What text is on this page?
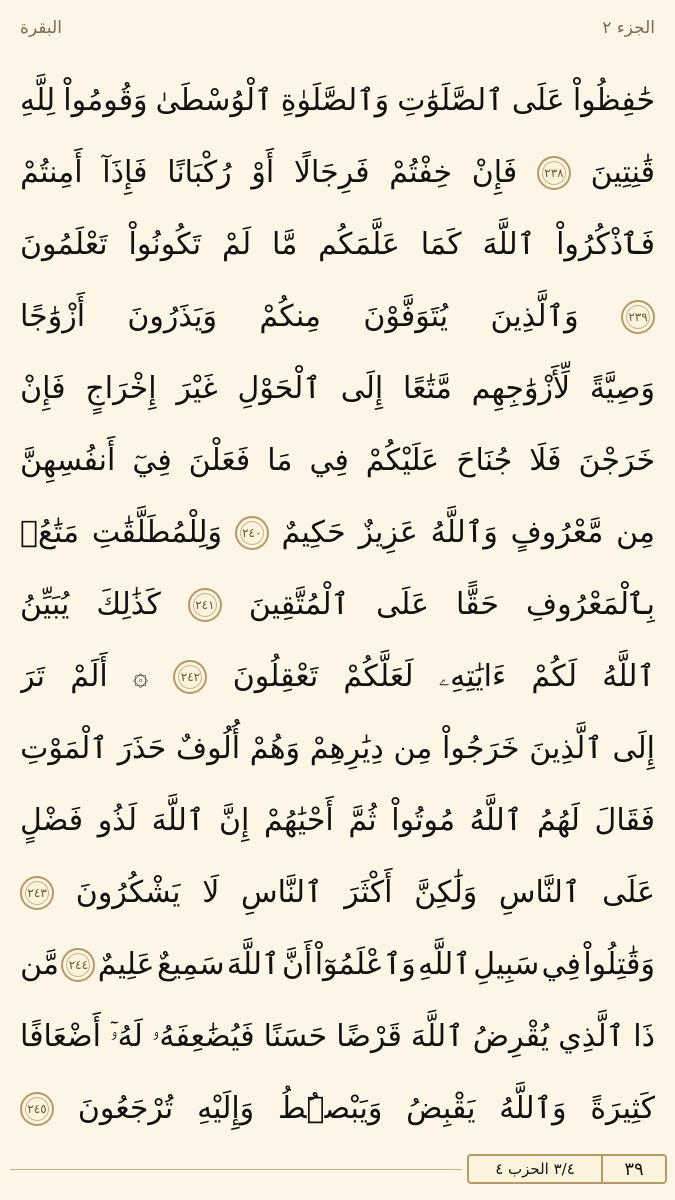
الجزء ٢
البقرة
حَٰفِظُواْ
عَلَى
ٱلصَّلَوَٰتِ
وَٱلصَّلَوٰةِ
ٱلْوُسْطَىٰ
وَقُومُواْ
لِلَّهِ
قَٰنِتِينَ
٢٣٨
فَإِنْ
خِفْتُمْ
فَرِجَالًا
أَوْ
رُكْبَانًا
فَإِذَآ
أَمِنتُمْ
فَٱذْكُرُواْ
ٱللَّهَ
كَمَا
عَلَّمَكُم
مَّا
لَمْ
تَكُونُواْ
تَعْلَمُونَ
٢٣٩
وَٱلَّذِينَ
يُتَوَفَّوْنَ
مِنكُمْ
وَيَذَرُونَ
أَزْوَٰجًا
وَصِيَّةً
لِّأَزْوَٰجِهِم
مَّتَٰعًا
إِلَى
ٱلْحَوْلِ
غَيْرَ
إِخْرَاجٍ
فَإِنْ
خَرَجْنَ
فَلَا
جُنَاحَ
عَلَيْكُمْ
فِي
مَا
فَعَلْنَ
فِيٓ
أَنفُسِهِنَّ
مِن
مَّعْرُوفٍ
وَٱللَّهُ
عَزِيزٌ
حَكِيمٌ
٢٤٠
وَلِلْمُطَلَّقَٰتِ
مَتَٰعُۢ
بِٱلْمَعْرُوفِ
حَقًّا
عَلَى
ٱلْمُتَّقِينَ
٢٤١
كَذَٰلِكَ
يُبَيِّنُ
ٱللَّهُ
لَكُمْ
ءَايَٰتِهِۦ
لَعَلَّكُمْ
تَعْقِلُونَ
٢٤٢
۞
أَلَمْ
تَرَ
إِلَى
ٱلَّذِينَ
خَرَجُواْ
مِن
دِيَٰرِهِمْ
وَهُمْ
أُلُوفٌ
حَذَرَ
ٱلْمَوْتِ
فَقَالَ
لَهُمُ
ٱللَّهُ
مُوتُواْ
ثُمَّ
أَحْيَٰهُمْ
إِنَّ
ٱللَّهَ
لَذُو
فَضْلٍ
عَلَى
ٱلنَّاسِ
وَلَٰكِنَّ
أَكْثَرَ
ٱلنَّاسِ
لَا
يَشْكُرُونَ
٢٤٣
وَقَٰتِلُواْ
فِي
سَبِيلِ
ٱللَّهِ
وَٱعْلَمُوٓاْ
أَنَّ
ٱللَّهَ
سَمِيعٌ
عَلِيمٌ
٢٤٤
مَّن
ذَا
ٱلَّذِي
يُقْرِضُ
ٱللَّهَ
قَرْضًا
حَسَنًا
فَيُضَٰعِفَهُۥ
لَهُۥٓ
أَضْعَافًا
كَثِيرَةً
وَٱللَّهُ
يَقْبِضُ
وَيَبْصُۜطُ
وَإِلَيْهِ
تُرْجَعُونَ
٢٤٥
٣٩
٣/٤ الحزب ٤
